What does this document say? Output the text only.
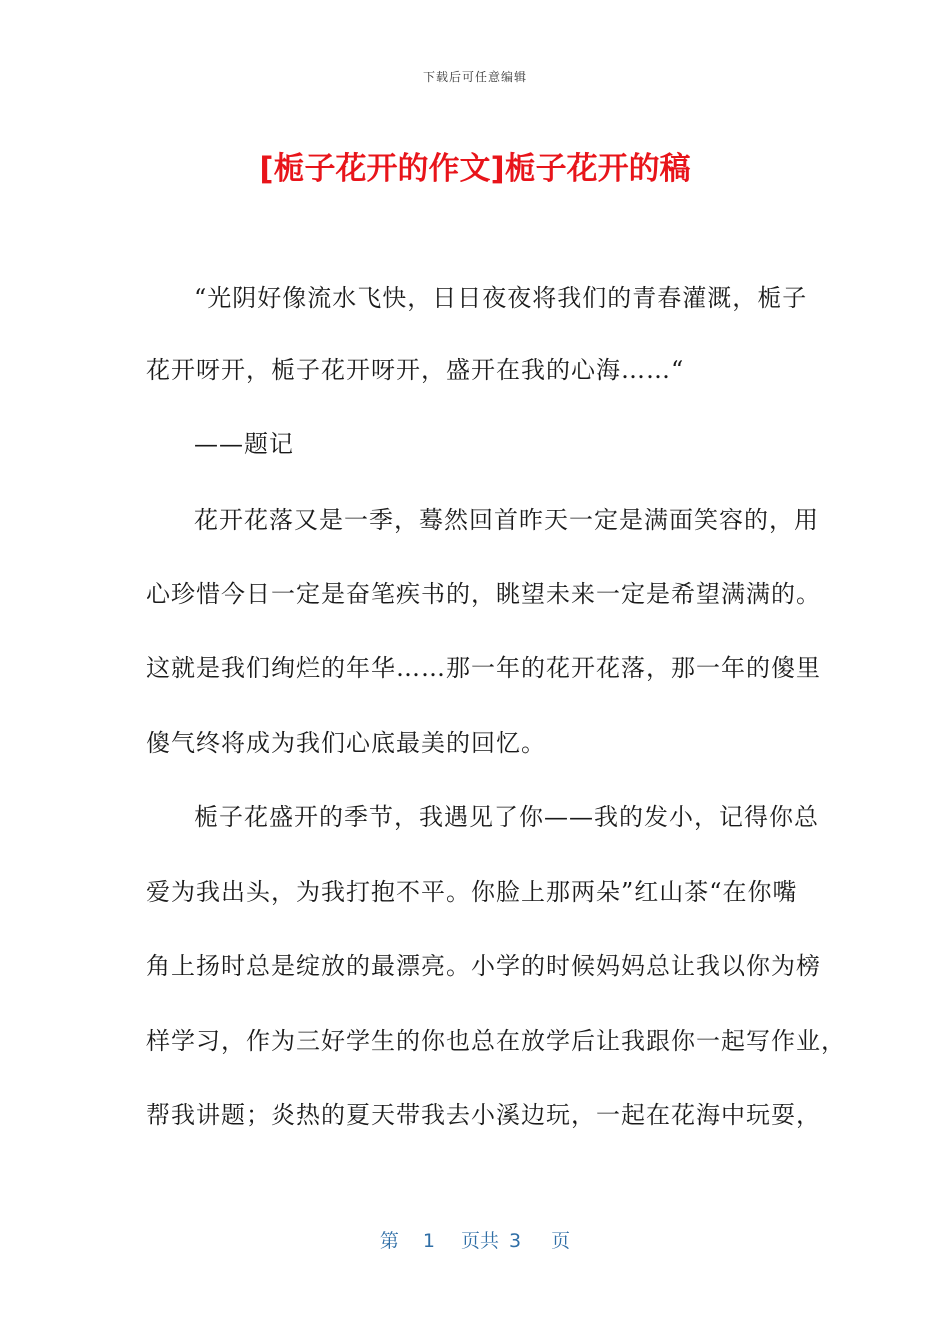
下载后可任意编辑
[栀子花开的作文]栀子花开的稿
“光阴好像流水飞快，日日夜夜将我们的青春灌溉，栀子
花开呀开，栀子花开呀开，盛开在我的心海……“
——题记
花开花落又是一季，蓦然回首昨天一定是满面笑容的，用
心珍惜今日一定是奋笔疾书的，眺望未来一定是希望满满的。
这就是我们绚烂的年华……那一年的花开花落，那一年的傻里
傻气终将成为我们心底最美的回忆。
栀子花盛开的季节，我遇见了你——我的发小，记得你总
爱为我出头，为我打抱不平。你脸上那两朵”红山茶“在你嘴
角上扬时总是绽放的最漂亮。小学的时候妈妈总让我以你为榜
样学习，作为三好学生的你也总在放学后让我跟你一起写作业，
帮我讲题；炎热的夏天带我去小溪边玩，一起在花海中玩耍，
第 1 页共 3 页
